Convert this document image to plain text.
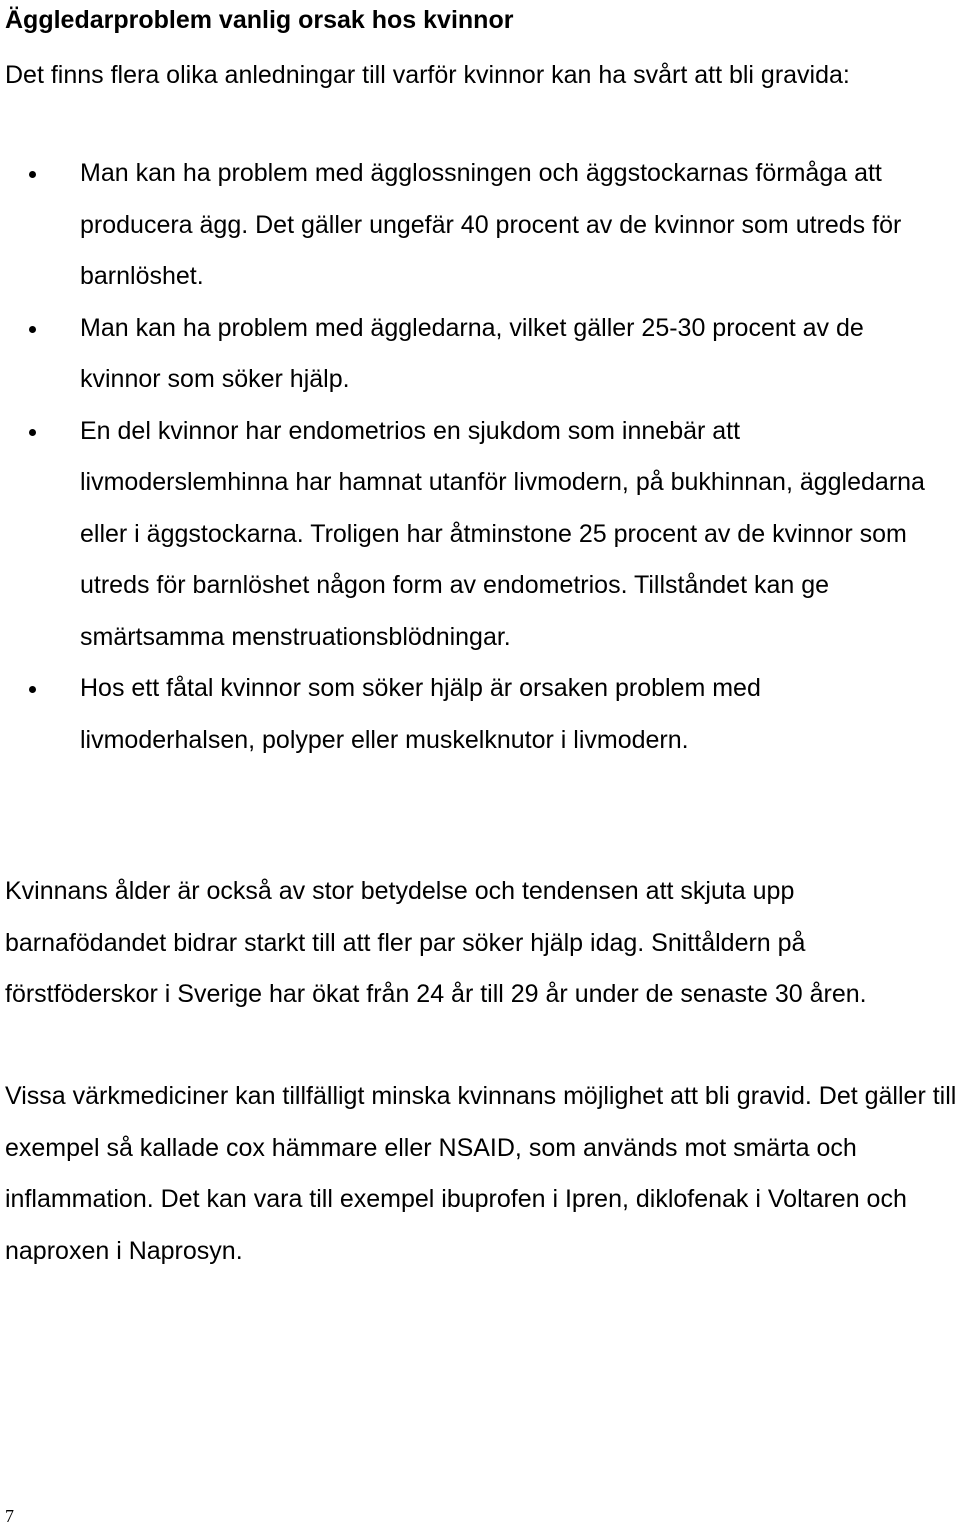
Äggledarproblem vanlig orsak hos kvinnor

Det finns flera olika anledningar till varför kvinnor kan ha svårt att bli gravida:

Man kan ha problem med ägglossningen och äggstockarnas förmåga att producera ägg. Det gäller ungefär 40 procent av de kvinnor som utreds för barnlöshet.
Man kan ha problem med äggledarna, vilket gäller 25-30 procent av de kvinnor som söker hjälp.
En del kvinnor har endometrios en sjukdom som innebär att livmoderslemhinna har hamnat utanför livmodern, på bukhinnan, äggledarna eller i äggstockarna. Troligen har åtminstone 25 procent av de kvinnor som utreds för barnlöshet någon form av endometrios. Tillståndet kan ge smärtsamma menstruationsblödningar.
Hos ett fåtal kvinnor som söker hjälp är orsaken problem med livmoderhalsen, polyper eller muskelknutor i livmodern.

Kvinnans ålder är också av stor betydelse och tendensen att skjuta upp barnafödandet bidrar starkt till att fler par söker hjälp idag. Snittåldern på förstföderskor i Sverige har ökat från 24 år till 29 år under de senaste 30 åren.

Vissa värkmediciner kan tillfälligt minska kvinnans möjlighet att bli gravid. Det gäller till exempel så kallade cox hämmare eller NSAID, som används mot smärta och inflammation. Det kan vara till exempel ibuprofen i Ipren, diklofenak i Voltaren och naproxen i Naprosyn.

7
